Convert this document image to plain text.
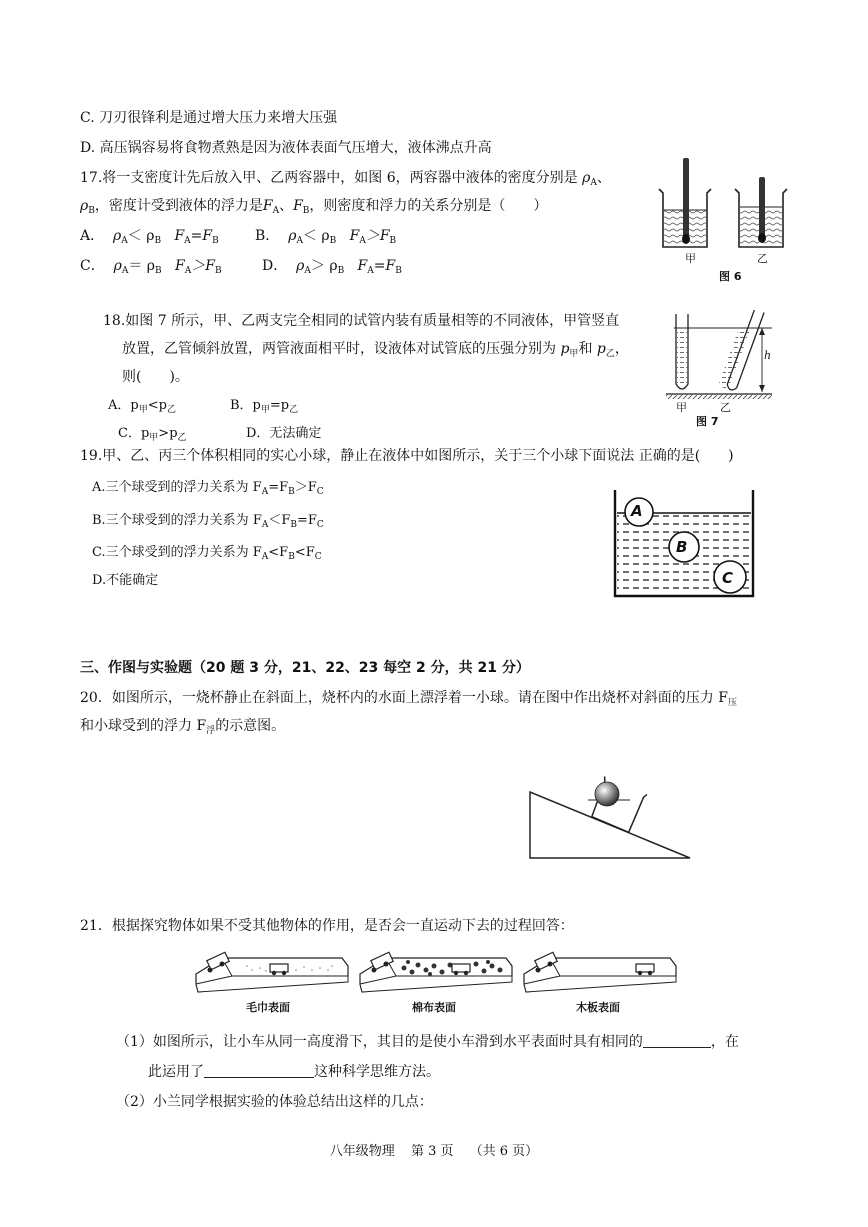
C. 刀刃很锋利是通过增大压力来增大压强
D. 高压锅容易将食物煮熟是因为液体表面气压增大，液体沸点升高
17.将一支密度计先后放入甲、乙两容器中，如图 6，两容器中液体的密度分别是 $\rho_A$、
$\rho_B$，密度计受到液体的浮力是$F_A$、$F_B$，则密度和浮力的关系分别是（　　）
A． $\rho_A< \rho_B$ $F_A=F_B$	B． $\rho_A< \rho_B$ $F_A>F_B$
C． $\rho_A= \rho_B$ $F_A>F_B$	D． $\rho_A> \rho_B$ $F_A=F_B$
甲	乙
图 6
18.如图 7 所示，甲、乙两支完全相同的试管内装有质量相等的不同液体，甲管竖直
放置，乙管倾斜放置，两管液面相平时，设液体对试管底的压强分别为 $p_甲$和 $p_乙$，
则(　　)。
A．$p_甲<p_乙$	B．$p_甲=p_乙$
C．$p_甲>p_乙$	D．无法确定
h
甲	乙
图 7
19.甲、乙、丙三个体积相同的实心小球，静止在液体中如图所示，关于三个小球下面说法 正确的是(　　)
A.三个球受到的浮力关系为 $F_A=F_B>F_C$
B.三个球受到的浮力关系为 $F_A<F_B=F_C$
C.三个球受到的浮力关系为 $F_A<F_B<F_C$
D.不能确定
A
B
C
三、作图与实验题（20 题 3 分，21、22、23 每空 2 分，共 21 分）
20．如图所示，一烧杯静止在斜面上，烧杯内的水面上漂浮着一小球。请在图中作出烧杯对斜面的压力 $F_压$
和小球受到的浮力 $F_浮$的示意图。
21．根据探究物体如果不受其他物体的作用，是否会一直运动下去的过程回答：
毛巾表面	棉布表面	木板表面
（1）如图所示，让小车从同一高度滑下，其目的是使小车滑到水平表面时具有相同的	，在
此运用了	这种科学思维方法。
（2）小兰同学根据实验的体验总结出这样的几点：
八年级物理 第 3 页 （共 6 页）
